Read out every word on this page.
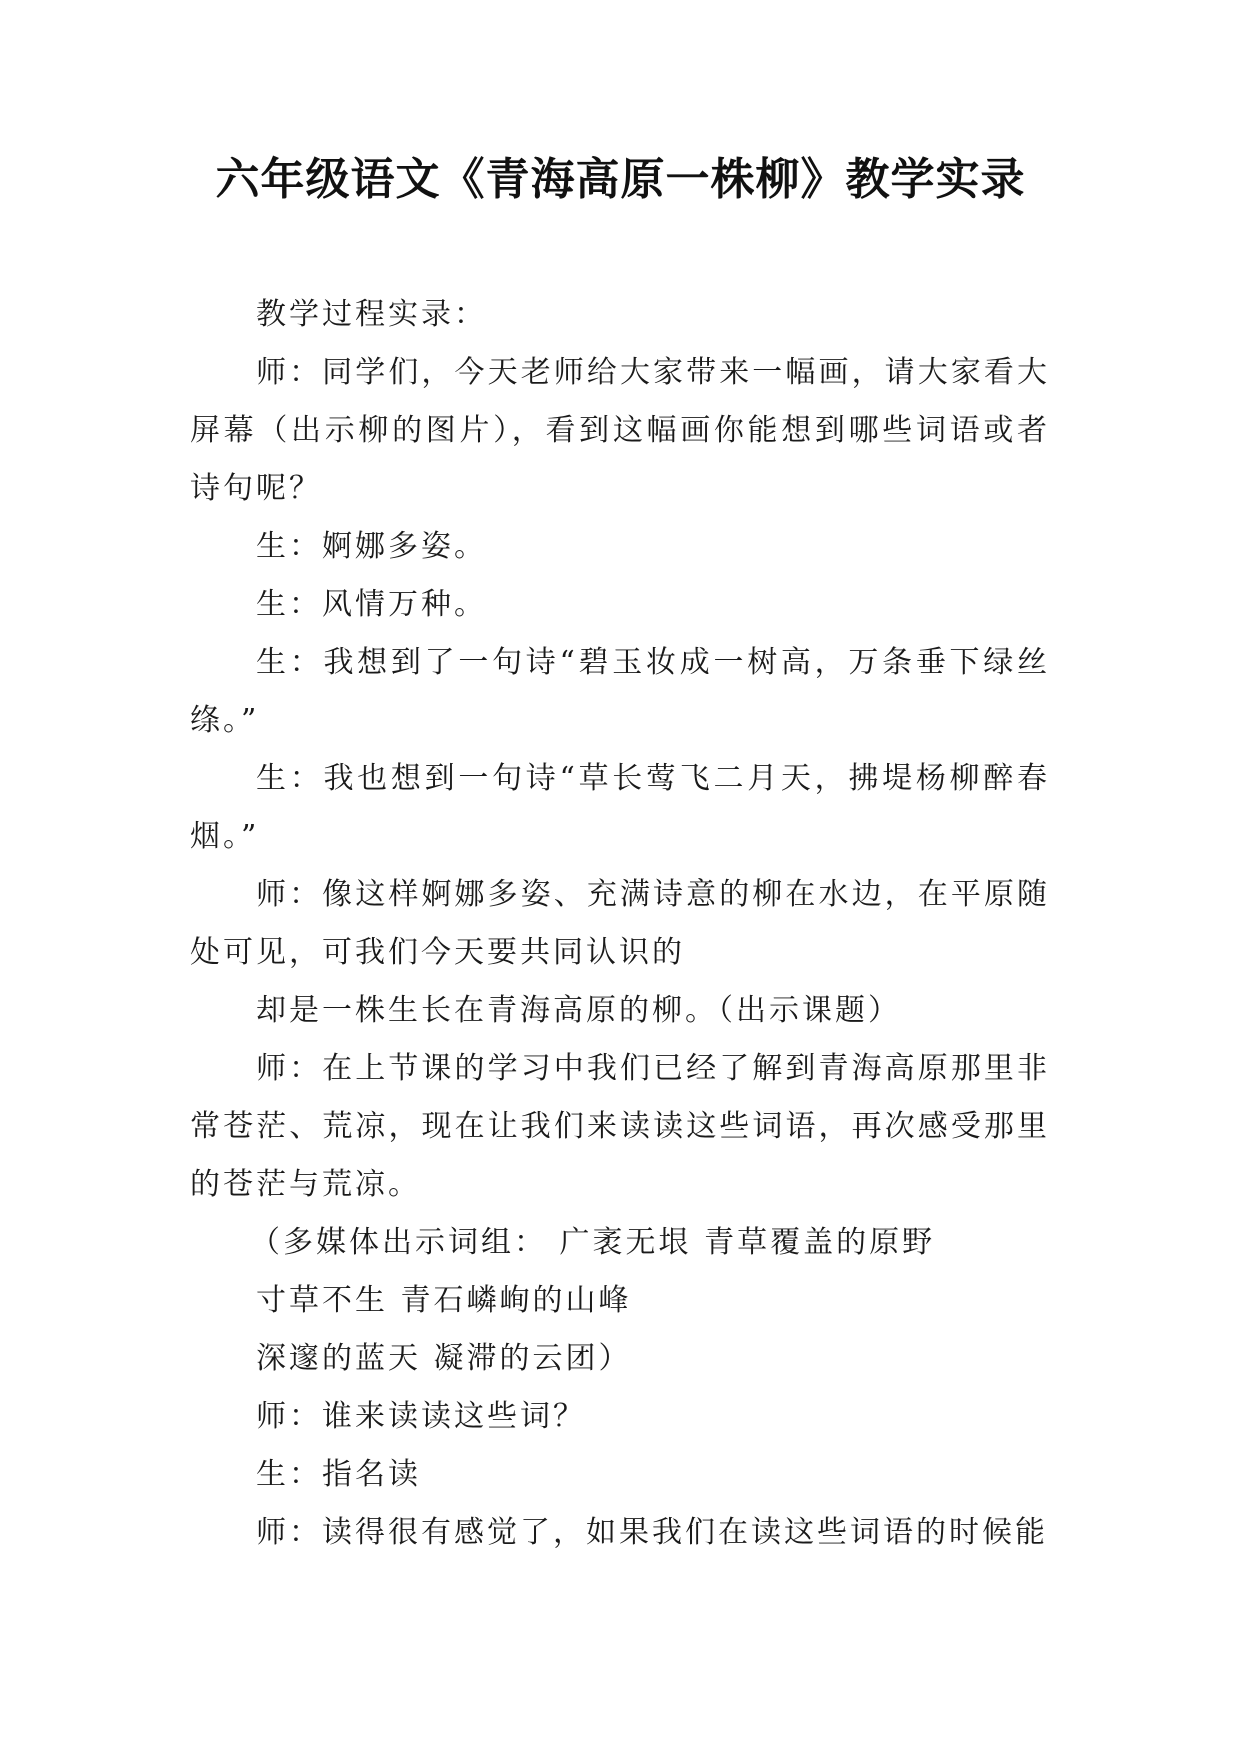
六年级语文《青海高原一株柳》教学实录

教学过程实录：

师：同学们，今天老师给大家带来一幅画，请大家看大屏幕（出示柳的图片），看到这幅画你能想到哪些词语或者诗句呢？

生：婀娜多姿。

生：风情万种。

生：我想到了一句诗“碧玉妆成一树高，万条垂下绿丝绦。”

生：我也想到一句诗“草长莺飞二月天，拂堤杨柳醉春烟。”

师：像这样婀娜多姿、充满诗意的柳在水边，在平原随处可见，可我们今天要共同认识的

却是一株生长在青海高原的柳。（出示课题）

师：在上节课的学习中我们已经了解到青海高原那里非常苍茫、荒凉，现在让我们来读读这些词语，再次感受那里的苍茫与荒凉。

（多媒体出示词组： 广袤无垠 青草覆盖的原野

寸草不生 青石嶙峋的山峰

深邃的蓝天 凝滞的云团）

师：谁来读读这些词？

生：指名读

师：读得很有感觉了，如果我们在读这些词语的时候能
